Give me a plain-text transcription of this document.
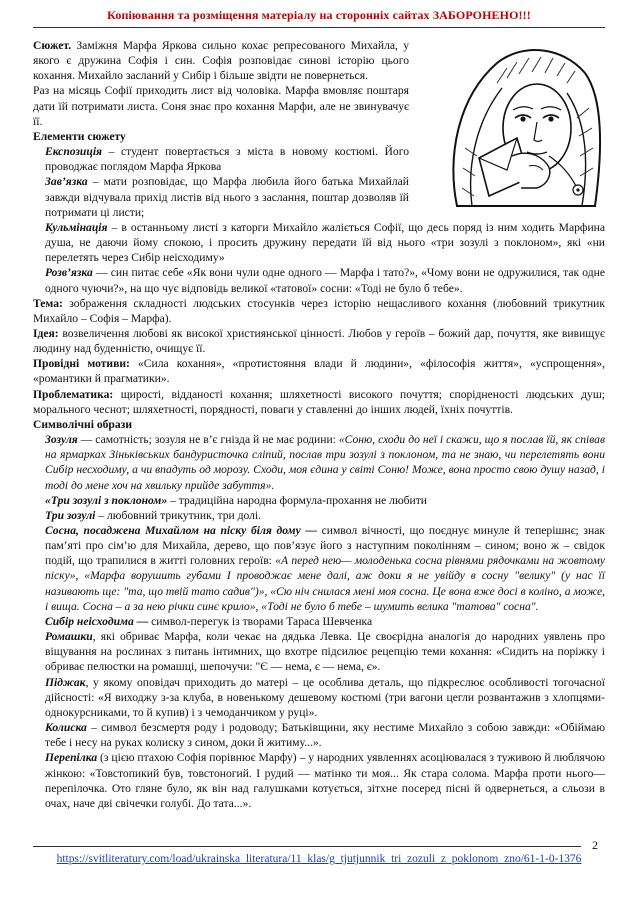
Копіювання та розміщення матеріалу на сторонніх сайтах ЗАБОРОНЕНО!!!

Сюжет. Заміжня Марфа Яркова сильно кохає репресованого Михайла, у якого є дружина Софія і син. Софія розповідає синові історію цього кохання. Михайло засланий у Сибір і більше звідти не повернеться.

Раз на місяць Софії приходить лист від чоловіка. Марфа вмовляє поштаря дати їй потримати листа. Соня знає про кохання Марфи, але не звинувачує її.

Елементи сюжету

Експозиція – студент повертається з міста в новому костюмі. Його проводжає поглядом Марфа Яркова

Зав’язка – мати розповідає, що Марфа любила його батька Михайлай завжди відчувала прихід листів від нього з заслання, поштар дозволяв їй потримати ці листи;

Кульмінація – в останньому листі з каторги Михайло жаліється Софії, що десь поряд із ним ходить Марфина душа, не даючи йому спокою, і просить дружину передати їй від нього «три зозулі з поклоном», які «ни перелетять через Сибір неісходиму»

Розв’язка — син питає себе «Як вони чули одне одного — Марфа і тато?», «Чому вони не одружилися, так одне одного чуючи?», на що чує відповідь великої «татової» сосни: «Тоді не було б тебе».

Тема: зображення складності людських стосунків через історію нещасливого кохання (любовний трикутник Михайло – Софія – Марфа).

Ідея: возвеличення любові як високої християнської цінності. Любов у героїв – божий дар, почуття, яке вивищує людину над буденністю, очищує її.

Провідні мотиви: «Сила кохання», «протистояння влади й людини», «філософія життя», «успрощення», «романтики й прагматики».

Проблематика: щирості, відданості кохання; шляхетності високого почуття; спорідненості людських душ; морального чеснот; шляхетності, порядності, поваги у ставленні до інших людей, їхніх почуттів.

Символічні образи

Зозуля — самотність; зозуля не в’є гнізда й не має родини: «Соню, сходи до неї і скажи, що я послав їй, як співав на ярмарках Зіньківських бандуристочка сліпий, послав три зозулі з поклоном, та не знаю, чи перелетять вони Сибір несходиму, а чи впадуть од морозу. Сходи, моя єдина у світі Соню! Може, вона просто свою душу назад, і тоді до мене хоч на хвильку прийде забуття».

«Три зозулі з поклоном» – традиційна народна формула-прохання не любити

Три зозулі – любовний трикутник, три долі.

Сосна, посаджена Михайлом на піску біля дому — символ вічності, що поєднує минуле й теперішнє; знак пам’яті про сім’ю для Михайла, дерево, що пов’язує його з наступним поколінням – сином; воно ж – свідок подій, що трапилися в житті головних героїв: «А перед нею— молоденька сосна рівнями рядочками на жовтому піску», «Марфа ворушить губами І проводжає мене далі, аж доки я не увійду в сосну "велику" (у нас її називають ще: "та, що твій тато садив")», «Сю ніч снилася мені моя сосна. Це вона вже досі в коліно, а може, і вища. Сосна – а за нею річки синє крило», «Тоді не було б тебе – шумить велика "татова" сосна".

Сибір неісходима — символ-перегук із творами Тараса Шевченка

Ромашки, які обриває Марфа, коли чекає на дядька Левка. Це своєрідна аналогія до народних уявлень про віщування на рослинах з питань інтимних, що вхотре підсилює рецепцію теми кохання: «Сидить на поріжку і обриває пелюстки на ромашці, шепочучи: "Є — нема, є — нема, є».

Піджак, у якому оповідач приходить до матері – це особлива деталь, що підкреслює особливості тогочасної дійсності: «Я виходжу з-за клуба, в новенькому дешевому костюмі (три вагони цегли розвантажив з хлопцями-однокурсниками, то й купив) і з чемоданчиком у руці».

Колиска – символ безсмертя роду і родоводу; Батьківщини, яку нестиме Михайло з собою завжди: «Обіймаю тебе і несу на руках колиску з сином, доки й житиму...».

Перепілка (з цією птахою Софія порівнює Марфу) – у народних уявленнях асоціювалася з туживою й люблячою жінкою: «Товстопикий був, товстоногий. І рудий — матінко ти моя... Як стара солома. Марфа проти нього—перепілочка. Ото гляне було, як він над галушками котується, зітхне посеред пісні й одвернеться, а сльози в очах, наче дві свічечки голубі. До тата...».

2
https://svitliteratury.com/load/ukrainska_literatura/11_klas/g_tjutjunnik_tri_zozuli_z_poklonom_zno/61-1-0-1376
